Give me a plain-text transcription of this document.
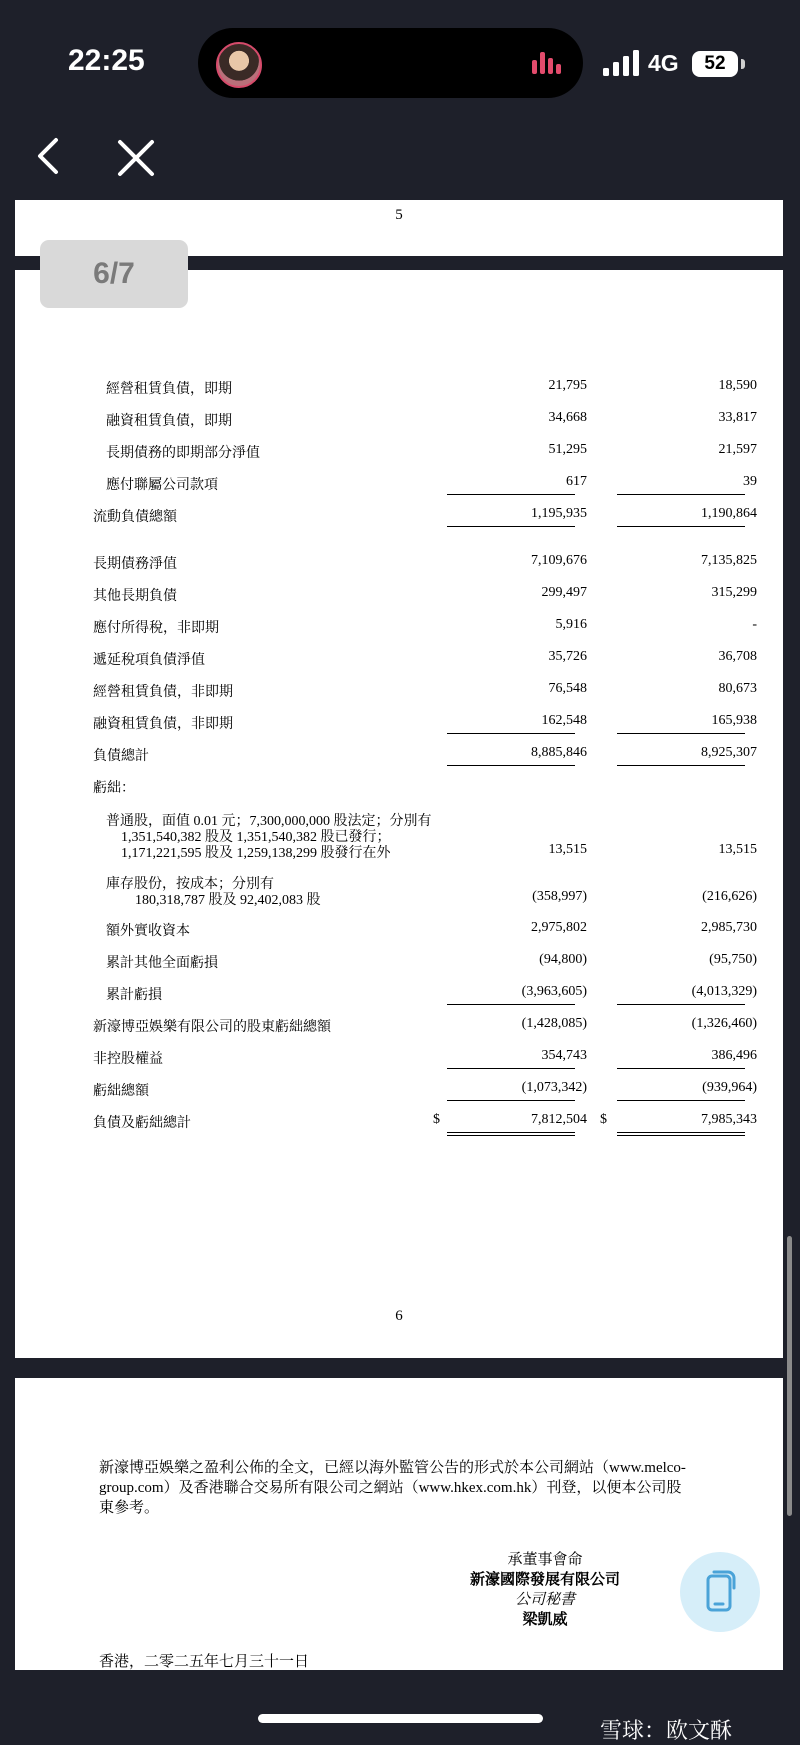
22:25	4G	52
5
經營租賃負債，即期	21,795	18,590
融資租賃負債，即期	34,668	33,817
長期債務的即期部分淨值	51,295	21,597
應付聯屬公司款項	617	39
流動負債總額	1,195,935	1,190,864
長期債務淨值	7,109,676	7,135,825
其他長期負債	299,497	315,299
應付所得稅，非即期	5,916	-
遞延稅項負債淨值	35,726	36,708
經營租賃負債，非即期	76,548	80,673
融資租賃負債，非即期	162,548	165,938
負債總計	8,885,846	8,925,307
虧絀：
普通股，面值 0.01 元；7,300,000,000 股法定；分別有
1,351,540,382 股及 1,351,540,382 股已發行；
1,171,221,595 股及 1,259,138,299 股發行在外	13,515	13,515
庫存股份，按成本；分別有
180,318,787 股及 92,402,083 股	(358,997)	(216,626)
額外實收資本	2,975,802	2,985,730
累計其他全面虧損	(94,800)	(95,750)
累計虧損	(3,963,605)	(4,013,329)
新濠博亞娛樂有限公司的股東虧絀總額	(1,428,085)	(1,326,460)
非控股權益	354,743	386,496
虧絀總額	(1,073,342)	(939,964)
負債及虧絀總計	7,812,504	7,985,343
$	$
6
6/7
新濠博亞娛樂之盈利公佈的全文，已經以海外監管公告的形式於本公司網站（www.melco-
group.com）及香港聯合交易所有限公司之網站（www.hkex.com.hk）刊登，以便本公司股
東參考。
承董事會命
新濠國際發展有限公司
公司秘書
梁凱威
香港，二零二五年七月三十一日
雪球：欧文酥
